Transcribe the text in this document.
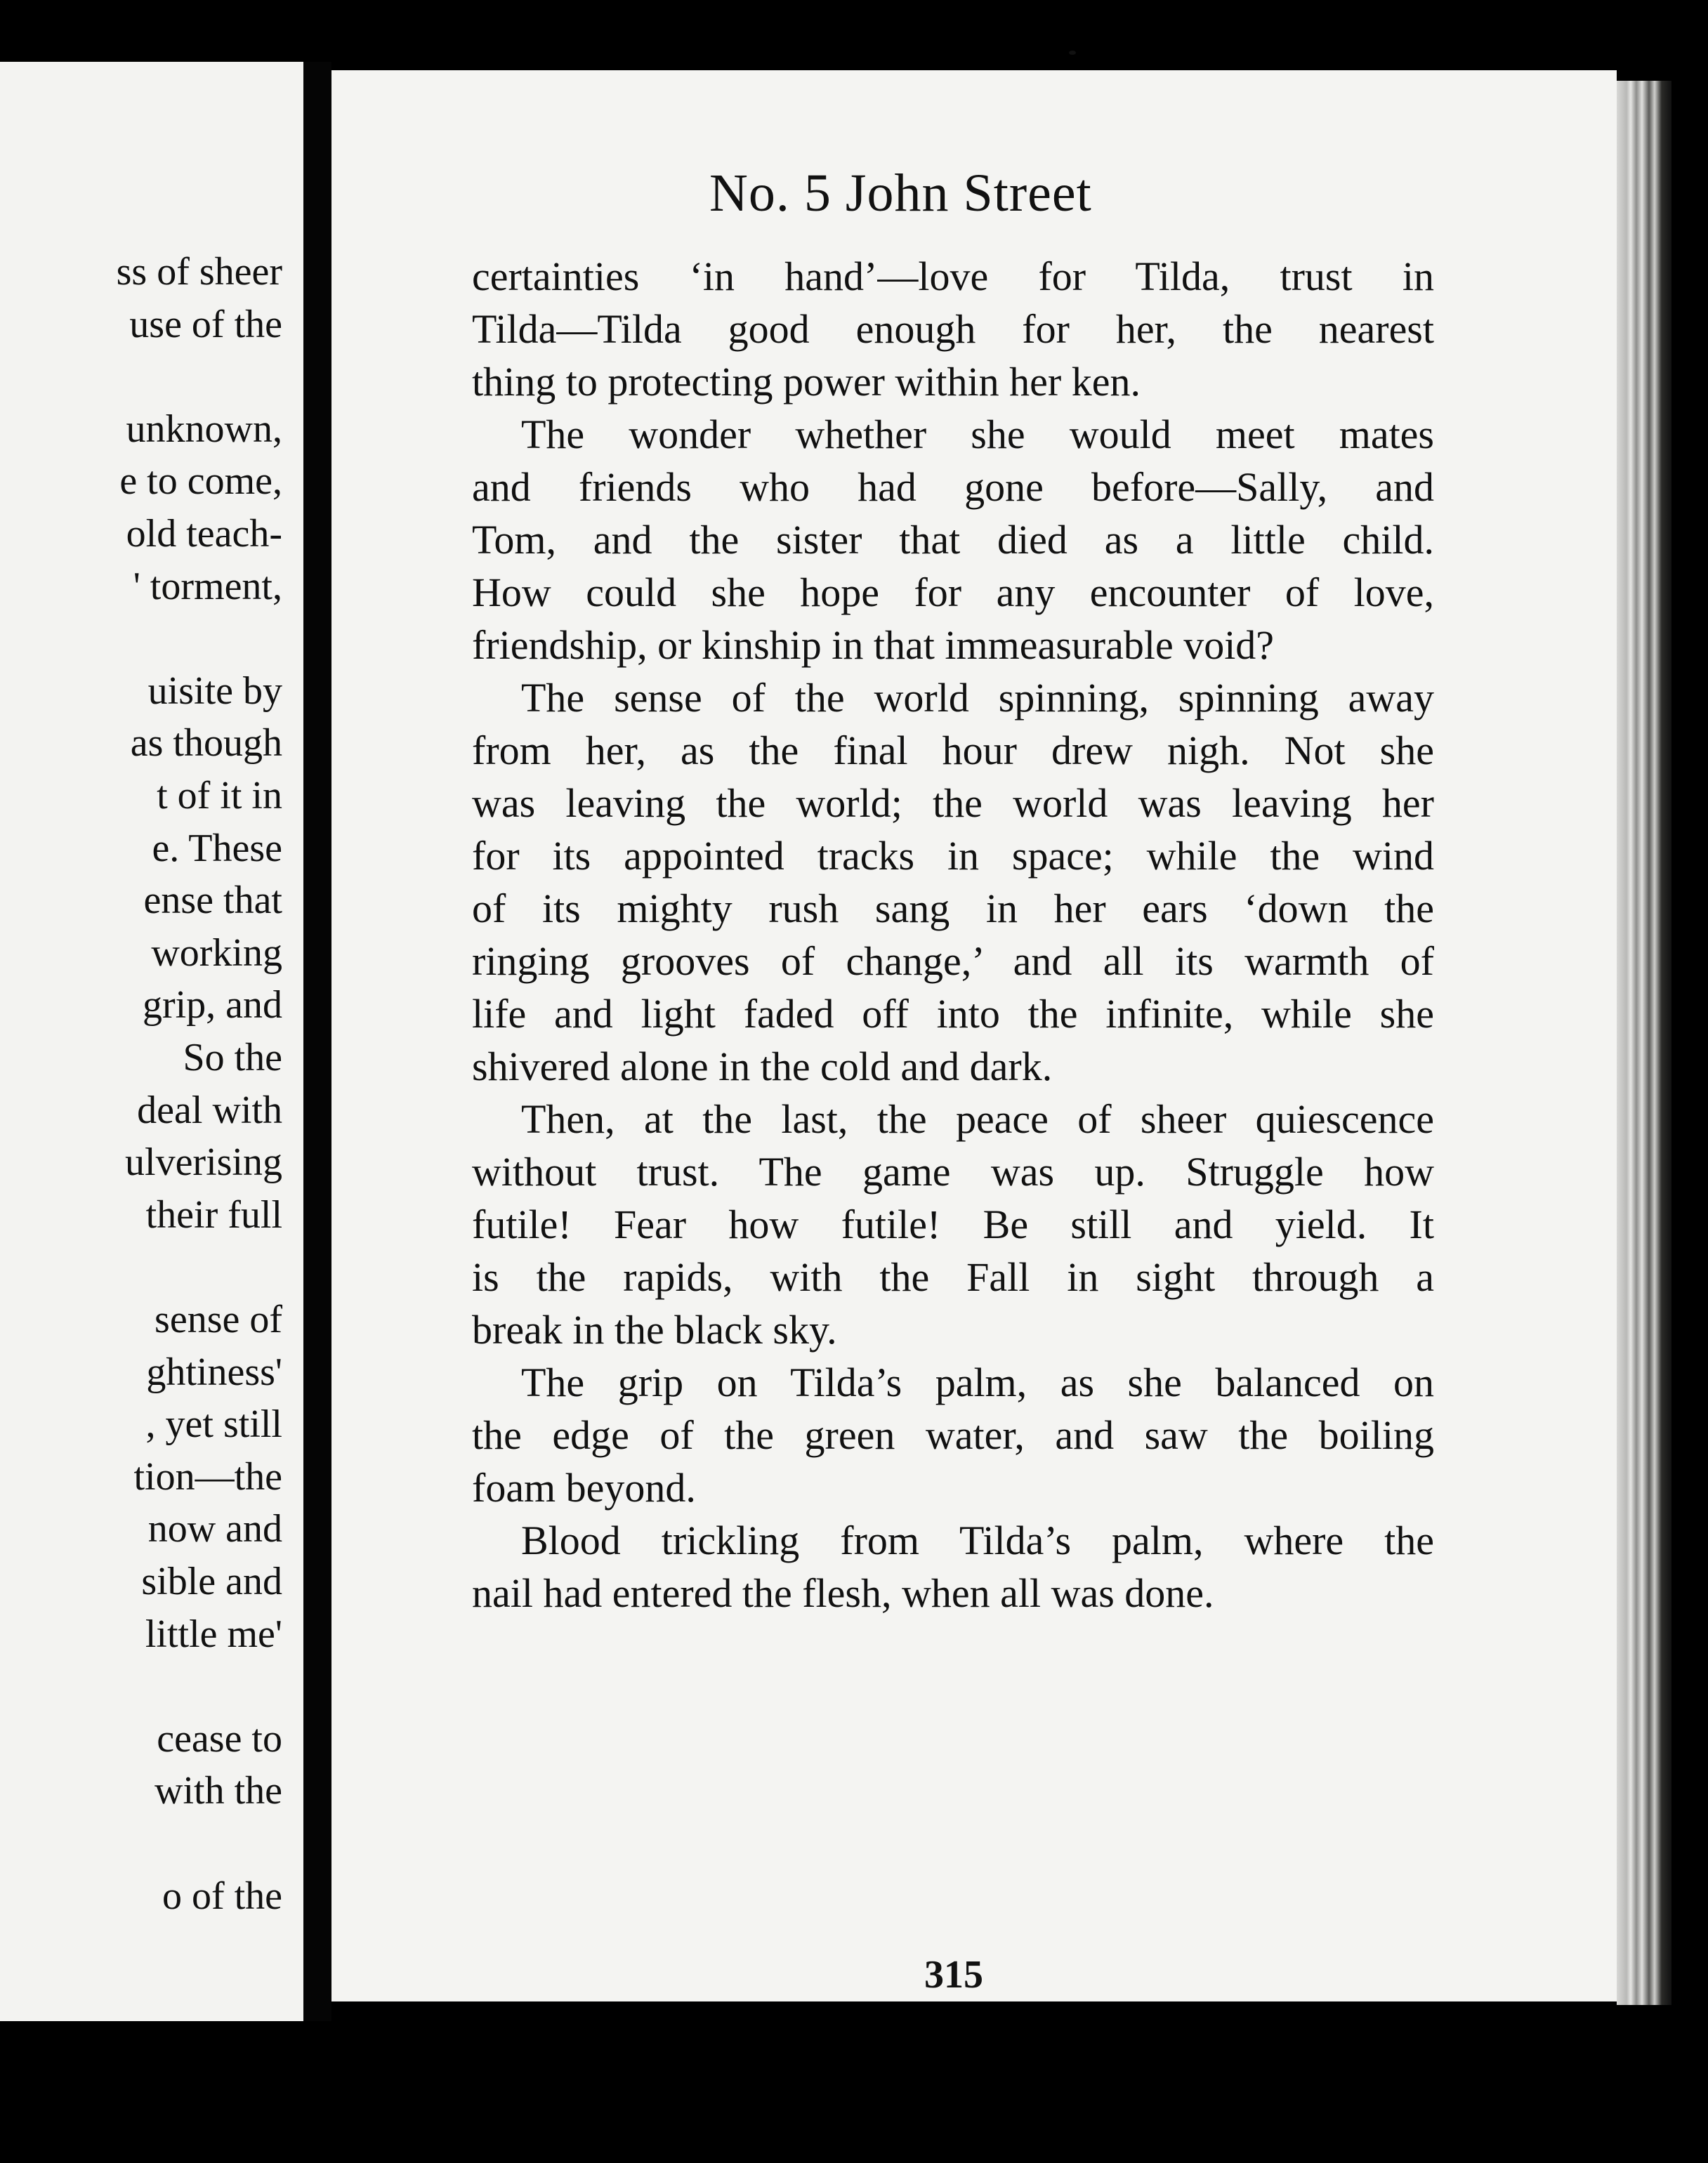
ss of sheer
use of the
unknown,
e to come,
old teach-
' torment,
uisite by
as though
t of it in
e. These
ense that
working
grip, and
So the
deal with
ulverising
their full
sense of
ghtiness'
, yet still
tion—the
now and
sible and
little me'
cease to
with the
o of the
No. 5 John Street
certainties ‘in hand’—love for Tilda, trust in
Tilda—Tilda good enough for her, the nearest
thing to protecting power within her ken.
The wonder whether she would meet mates
and friends who had gone before—Sally, and
Tom, and the sister that died as a little child.
How could she hope for any encounter of love,
friendship, or kinship in that immeasurable void?
The sense of the world spinning, spinning away
from her, as the final hour drew nigh. Not she
was leaving the world; the world was leaving her
for its appointed tracks in space; while the wind
of its mighty rush sang in her ears ‘down the
ringing grooves of change,’ and all its warmth of
life and light faded off into the infinite, while she
shivered alone in the cold and dark.
Then, at the last, the peace of sheer quiescence
without trust. The game was up. Struggle how
futile! Fear how futile! Be still and yield. It
is the rapids, with the Fall in sight through a
break in the black sky.
The grip on Tilda’s palm, as she balanced on
the edge of the green water, and saw the boiling
foam beyond.
Blood trickling from Tilda’s palm, where the
nail had entered the flesh, when all was done.
315
